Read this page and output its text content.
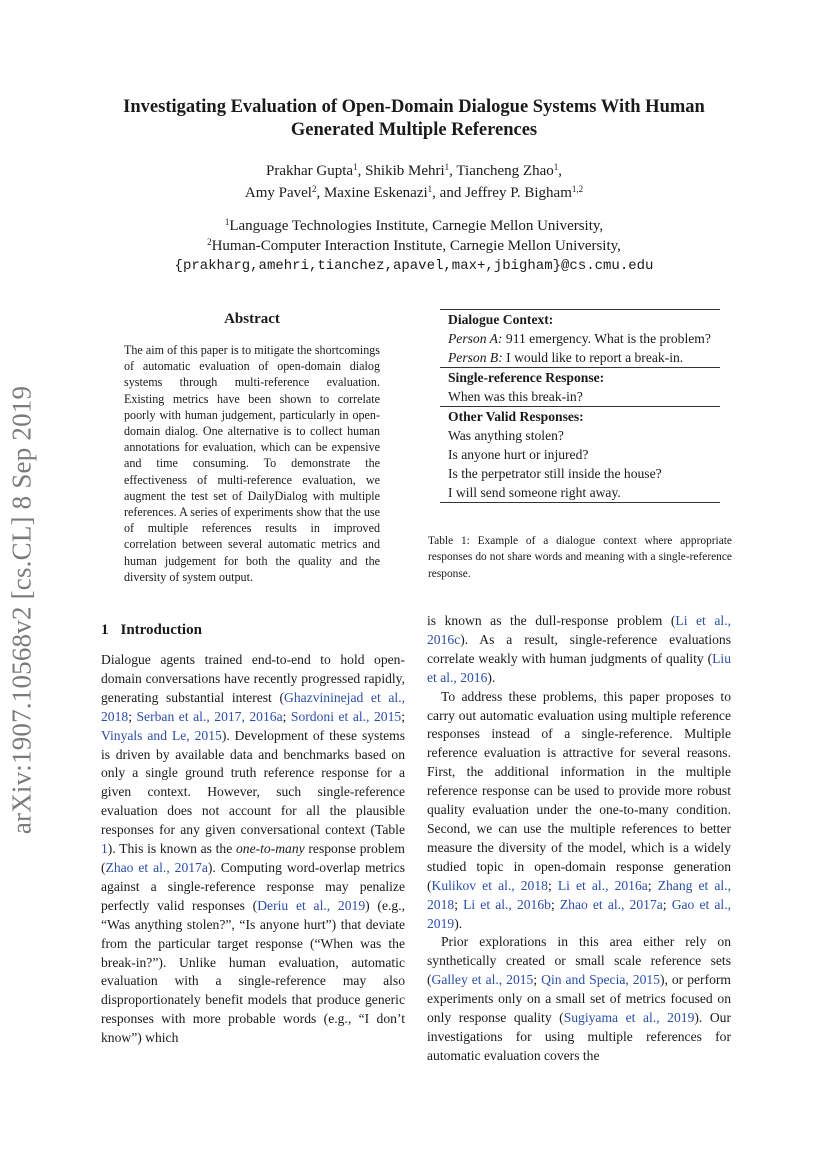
arXiv:1907.10568v2 [cs.CL] 8 Sep 2019
Investigating Evaluation of Open-Domain Dialogue Systems With Human
Generated Multiple References
Prakhar Gupta$^1$, Shikib Mehri$^1$, Tiancheng Zhao$^1$,
Amy Pavel$^2$, Maxine Eskenazi$^1$, and Jeffrey P. Bigham$^{1,2}$
$^1$Language Technologies Institute, Carnegie Mellon University,
$^2$Human-Computer Interaction Institute, Carnegie Mellon University,
{prakharg,amehri,tianchez,apavel,max+,jbigham}@cs.cmu.edu
Abstract
The aim of this paper is to mitigate the shortcomings of automatic evaluation of open-domain dialog systems through multi-reference evaluation. Existing metrics have been shown to correlate poorly with human judgement, particularly in open-domain dialog. One alternative is to collect human annotations for evaluation, which can be expensive and time consuming. To demonstrate the effectiveness of multi-reference evaluation, we augment the test set of DailyDialog with multiple references. A series of experiments show that the use of multiple references results in improved correlation between several automatic metrics and human judgement for both the quality and the diversity of system output.
Dialogue Context:
Person A: 911 emergency. What is the problem?
Person B: I would like to report a break-in.
Single-reference Response:
When was this break-in?
Other Valid Responses:
Was anything stolen?
Is anyone hurt or injured?
Is the perpetrator still inside the house?
I will send someone right away.
Table 1: Example of a dialogue context where appropriate responses do not share words and meaning with a single-reference response.
1 Introduction

Dialogue agents trained end-to-end to hold open-domain conversations have recently progressed rapidly, generating substantial interest (Ghazvininejad et al., 2018; Serban et al., 2017, 2016a; Sordoni et al., 2015; Vinyals and Le, 2015). Development of these systems is driven by available data and benchmarks based on only a single ground truth reference response for a given context. However, such single-reference evaluation does not account for all the plausible responses for any given conversational context (Table 1). This is known as the one-to-many response problem (Zhao et al., 2017a). Computing word-overlap metrics against a single-reference response may penalize perfectly valid responses (Deriu et al., 2019) (e.g., “Was anything stolen?”, “Is anyone hurt”) that deviate from the particular target response (“When was the break-in?”). Unlike human evaluation, automatic evaluation with a single-reference may also disproportionately benefit models that produce generic responses with more probable words (e.g., “I don’t know”) which

is known as the dull-response problem (Li et al., 2016c). As a result, single-reference evaluations correlate weakly with human judgments of quality (Liu et al., 2016).

To address these problems, this paper proposes to carry out automatic evaluation using multiple reference responses instead of a single-reference. Multiple reference evaluation is attractive for several reasons. First, the additional information in the multiple reference response can be used to provide more robust quality evaluation under the one-to-many condition. Second, we can use the multiple references to better measure the diversity of the model, which is a widely studied topic in open-domain response generation (Kulikov et al., 2018; Li et al., 2016a; Zhang et al., 2018; Li et al., 2016b; Zhao et al., 2017a; Gao et al., 2019).

Prior explorations in this area either rely on synthetically created or small scale reference sets (Galley et al., 2015; Qin and Specia, 2015), or perform experiments only on a small set of metrics focused on only response quality (Sugiyama et al., 2019). Our investigations for using multiple references for automatic evaluation covers the
